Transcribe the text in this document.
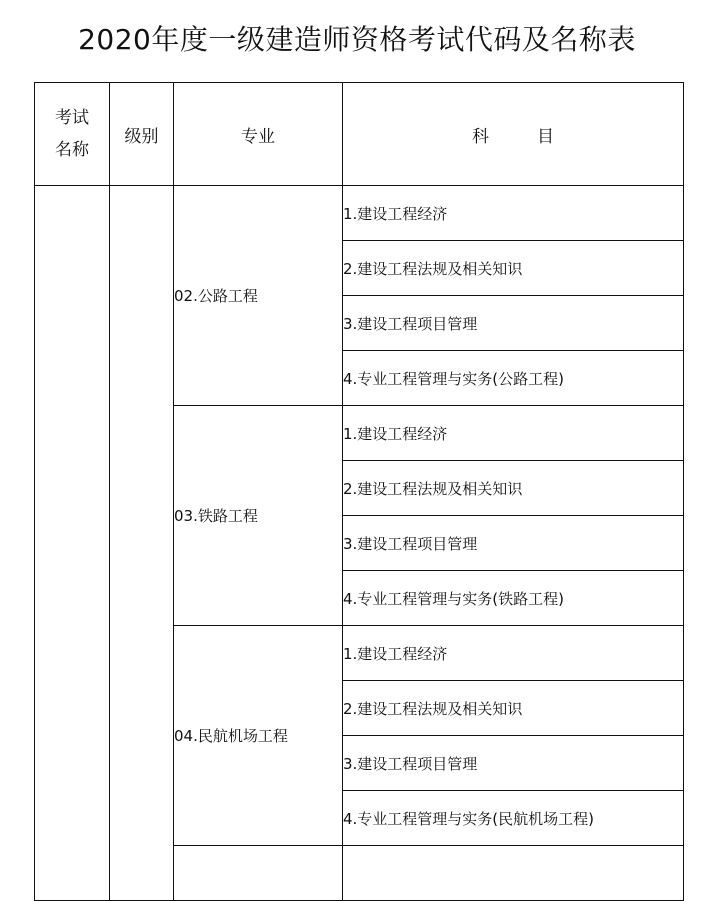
2020年度一级建造师资格考试代码及名称表
考试
名称	级别	专业	科 目
		02.公路工程	1.建设工程经济
			2.建设工程法规及相关知识
			3.建设工程项目管理
			4.专业工程管理与实务(公路工程)
		03.铁路工程	1.建设工程经济
			2.建设工程法规及相关知识
			3.建设工程项目管理
			4.专业工程管理与实务(铁路工程)
		04.民航机场工程	1.建设工程经济
			2.建设工程法规及相关知识
			3.建设工程项目管理
			4.专业工程管理与实务(民航机场工程)
